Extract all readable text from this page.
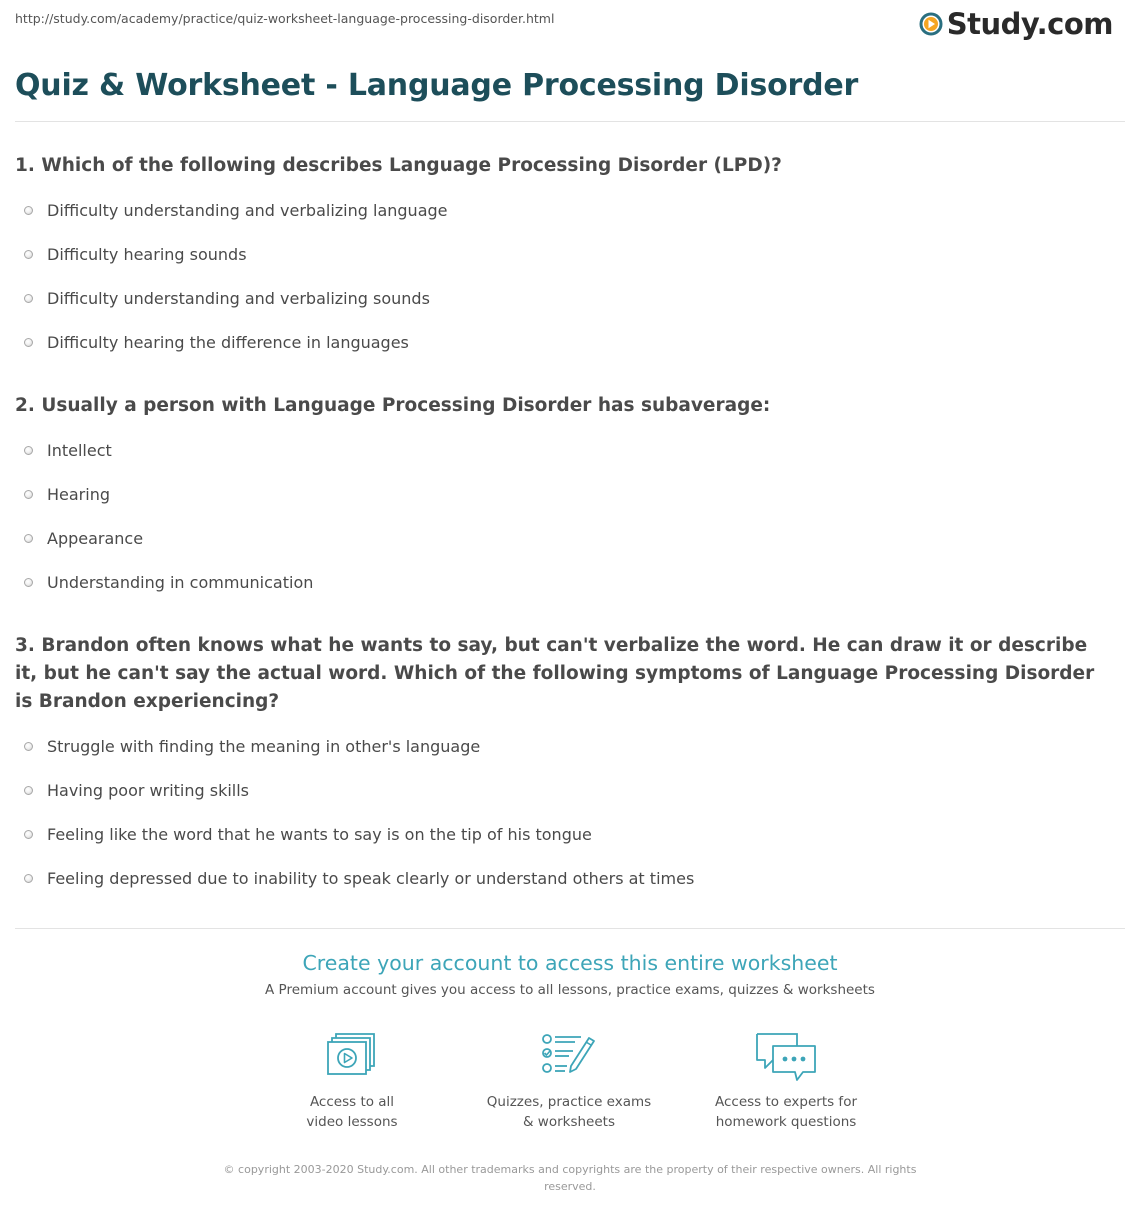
http://study.com/academy/practice/quiz-worksheet-language-processing-disorder.html	Study.com
Quiz & Worksheet - Language Processing Disorder

1. Which of the following describes Language Processing Disorder (LPD)?

Difficulty understanding and verbalizing language
Difficulty hearing sounds
Difficulty understanding and verbalizing sounds
Difficulty hearing the difference in languages

2. Usually a person with Language Processing Disorder has subaverage:

Intellect
Hearing
Appearance
Understanding in communication

3. Brandon often knows what he wants to say, but can't verbalize the word. He can draw it or describe it, but he can't say the actual word. Which of the following symptoms of Language Processing Disorder is Brandon experiencing?

Struggle with finding the meaning in other's language
Having poor writing skills
Feeling like the word that he wants to say is on the tip of his tongue
Feeling depressed due to inability to speak clearly or understand others at times
Create your account to access this entire worksheet
A Premium account gives you access to all lessons, practice exams, quizzes & worksheets
Access to all
video lessons
Quizzes, practice exams
& worksheets
Access to experts for
homework questions
© copyright 2003-2020 Study.com. All other trademarks and copyrights are the property of their respective owners. All rights reserved.
